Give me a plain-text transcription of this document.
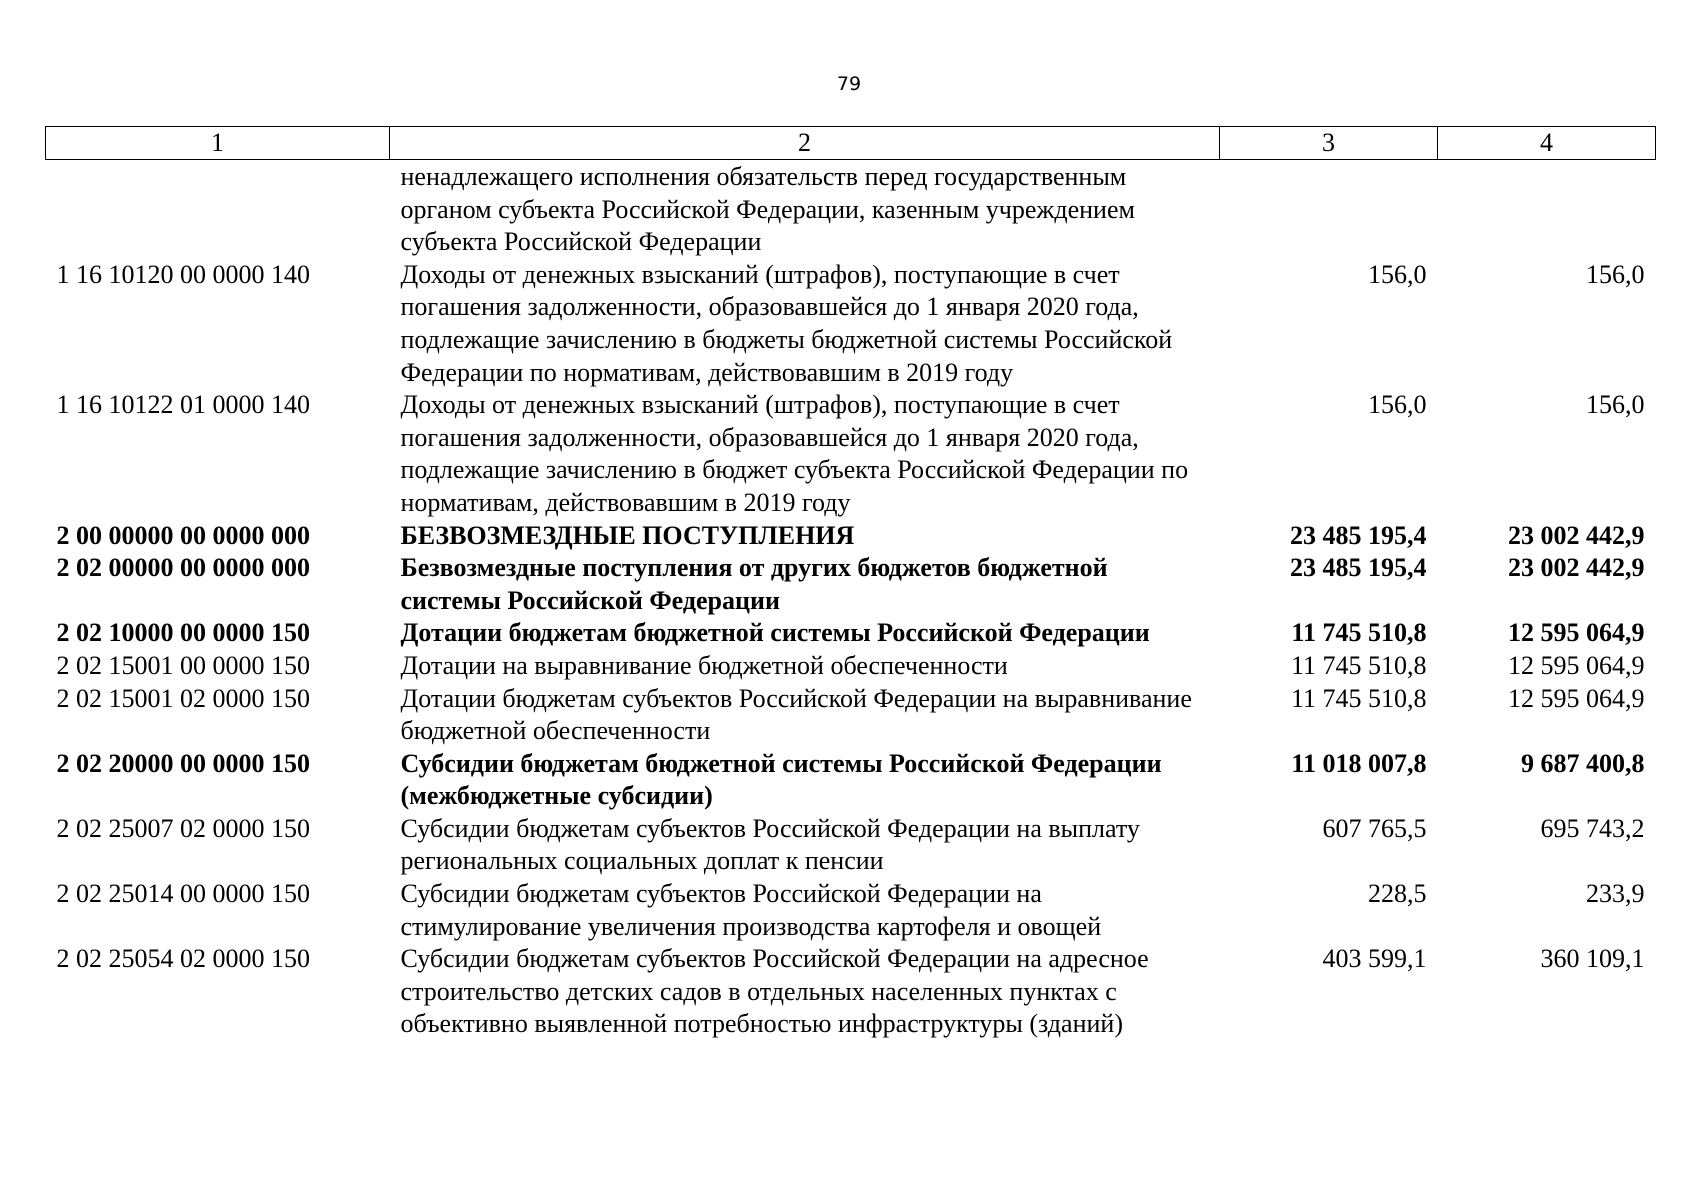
79
1	2	3	4
	ненадлежащего исполнения обязательств перед государственным органом субъекта Российской Федерации, казенным учреждением субъекта Российской Федерации		
1 16 10120 00 0000 140	Доходы от денежных взысканий (штрафов), поступающие в счет погашения задолженности, образовавшейся до 1 января 2020 года, подлежащие зачислению в бюджеты бюджетной системы Российской Федерации по нормативам, действовавшим в 2019 году	156,0	156,0
1 16 10122 01 0000 140	Доходы от денежных взысканий (штрафов), поступающие в счет погашения задолженности, образовавшейся до 1 января 2020 года, подлежащие зачислению в бюджет субъекта Российской Федерации по нормативам, действовавшим в 2019 году	156,0	156,0
2 00 00000 00 0000 000	БЕЗВОЗМЕЗДНЫЕ ПОСТУПЛЕНИЯ	23 485 195,4	23 002 442,9
2 02 00000 00 0000 000	Безвозмездные поступления от других бюджетов бюджетной системы Российской Федерации	23 485 195,4	23 002 442,9
2 02 10000 00 0000 150	Дотации бюджетам бюджетной системы Российской Федерации	11 745 510,8	12 595 064,9
2 02 15001 00 0000 150	Дотации на выравнивание бюджетной обеспеченности	11 745 510,8	12 595 064,9
2 02 15001 02 0000 150	Дотации бюджетам субъектов Российской Федерации на выравнивание бюджетной обеспеченности	11 745 510,8	12 595 064,9
2 02 20000 00 0000 150	Субсидии бюджетам бюджетной системы Российской Федерации (межбюджетные субсидии)	11 018 007,8	9 687 400,8
2 02 25007 02 0000 150	Субсидии бюджетам субъектов Российской Федерации на выплату региональных социальных доплат к пенсии	607 765,5	695 743,2
2 02 25014 00 0000 150	Субсидии бюджетам субъектов Российской Федерации на стимулирование увеличения производства картофеля и овощей	228,5	233,9
2 02 25054 02 0000 150	Субсидии бюджетам субъектов Российской Федерации на адресное строительство детских садов в отдельных населенных пунктах с объективно выявленной потребностью инфраструктуры (зданий)	403 599,1	360 109,1
